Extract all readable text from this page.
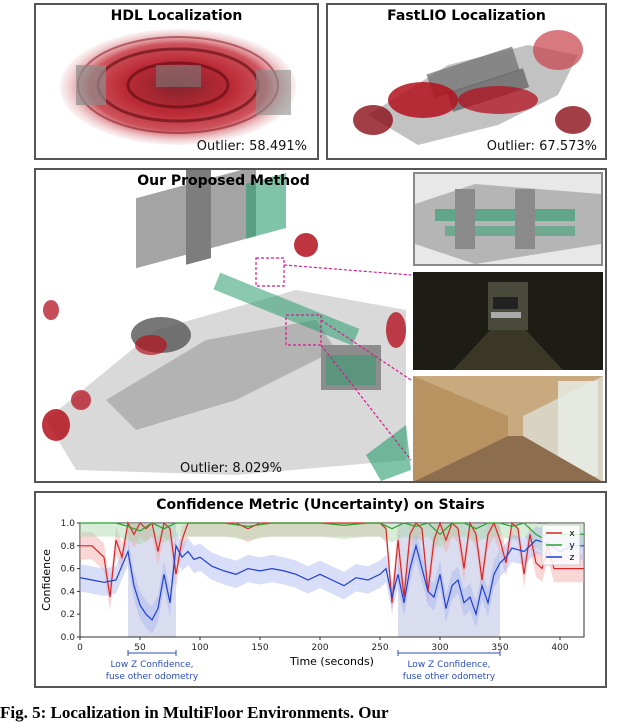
HDL Localization
Outlier: 58.491%
FastLIO Localization
Outlier: 67.573%
Our Proposed Method
Outlier: 8.029%
Confidence Metric (Uncertainty) on Stairs
0	50	100	150	200	250	300	350	400
0.0
0.2
0.4
0.6
0.8
1.0
Time (seconds)
Confidence
x
y
z
Low Z Confidence,
fuse other odometry
Low Z Confidence,
fuse other odometry
Fig. 5: Localization in MultiFloor Environments. Our
